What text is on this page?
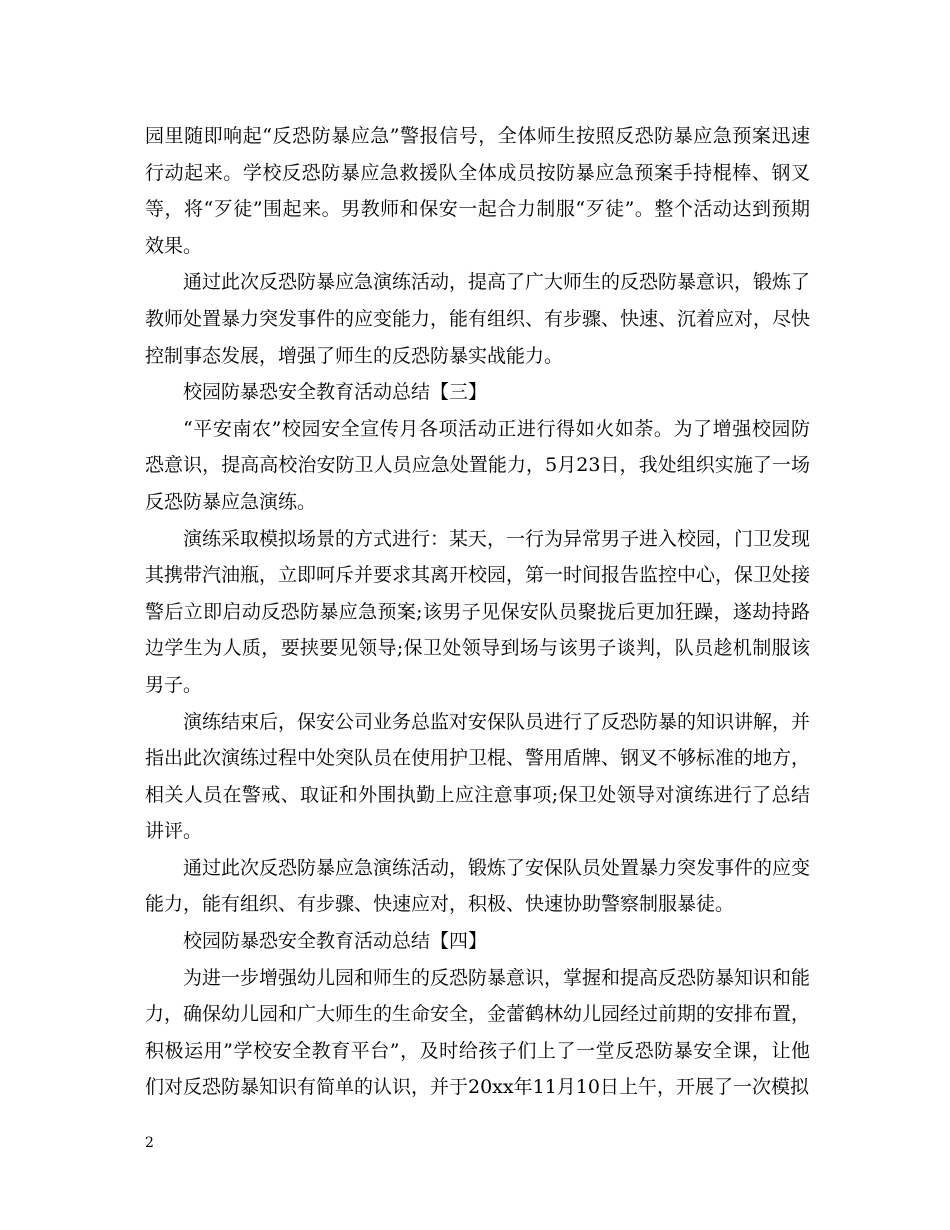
园里随即响起“反恐防暴应急”警报信号，全体师生按照反恐防暴应急预案迅速行动起来。学校反恐防暴应急救援队全体成员按防暴应急预案手持棍棒、钢叉等，将“歹徒”围起来。男教师和保安一起合力制服“歹徒”。整个活动达到预期效果。

通过此次反恐防暴应急演练活动，提高了广大师生的反恐防暴意识，锻炼了教师处置暴力突发事件的应变能力，能有组织、有步骤、快速、沉着应对，尽快控制事态发展，增强了师生的反恐防暴实战能力。

校园防暴恐安全教育活动总结【三】

“平安南农”校园安全宣传月各项活动正进行得如火如荼。为了增强校园防恐意识，提高高校治安防卫人员应急处置能力，5月23日，我处组织实施了一场反恐防暴应急演练。

演练采取模拟场景的方式进行：某天，一行为异常男子进入校园，门卫发现其携带汽油瓶，立即呵斥并要求其离开校园，第一时间报告监控中心，保卫处接警后立即启动反恐防暴应急预案;该男子见保安队员聚拢后更加狂躁，遂劫持路边学生为人质，要挟要见领导;保卫处领导到场与该男子谈判，队员趁机制服该男子。

演练结束后，保安公司业务总监对安保队员进行了反恐防暴的知识讲解，并指出此次演练过程中处突队员在使用护卫棍、警用盾牌、钢叉不够标准的地方，相关人员在警戒、取证和外围执勤上应注意事项;保卫处领导对演练进行了总结讲评。

通过此次反恐防暴应急演练活动，锻炼了安保队员处置暴力突发事件的应变能力，能有组织、有步骤、快速应对，积极、快速协助警察制服暴徒。

校园防暴恐安全教育活动总结【四】

为进一步增强幼儿园和师生的反恐防暴意识，掌握和提高反恐防暴知识和能力，确保幼儿园和广大师生的生命安全，金蕾鹤林幼儿园经过前期的安排布置，积极运用”学校安全教育平台”，及时给孩子们上了一堂反恐防暴安全课，让他们对反恐防暴知识有简单的认识，并于20xx年11月10日上午，开展了一次模拟

2
